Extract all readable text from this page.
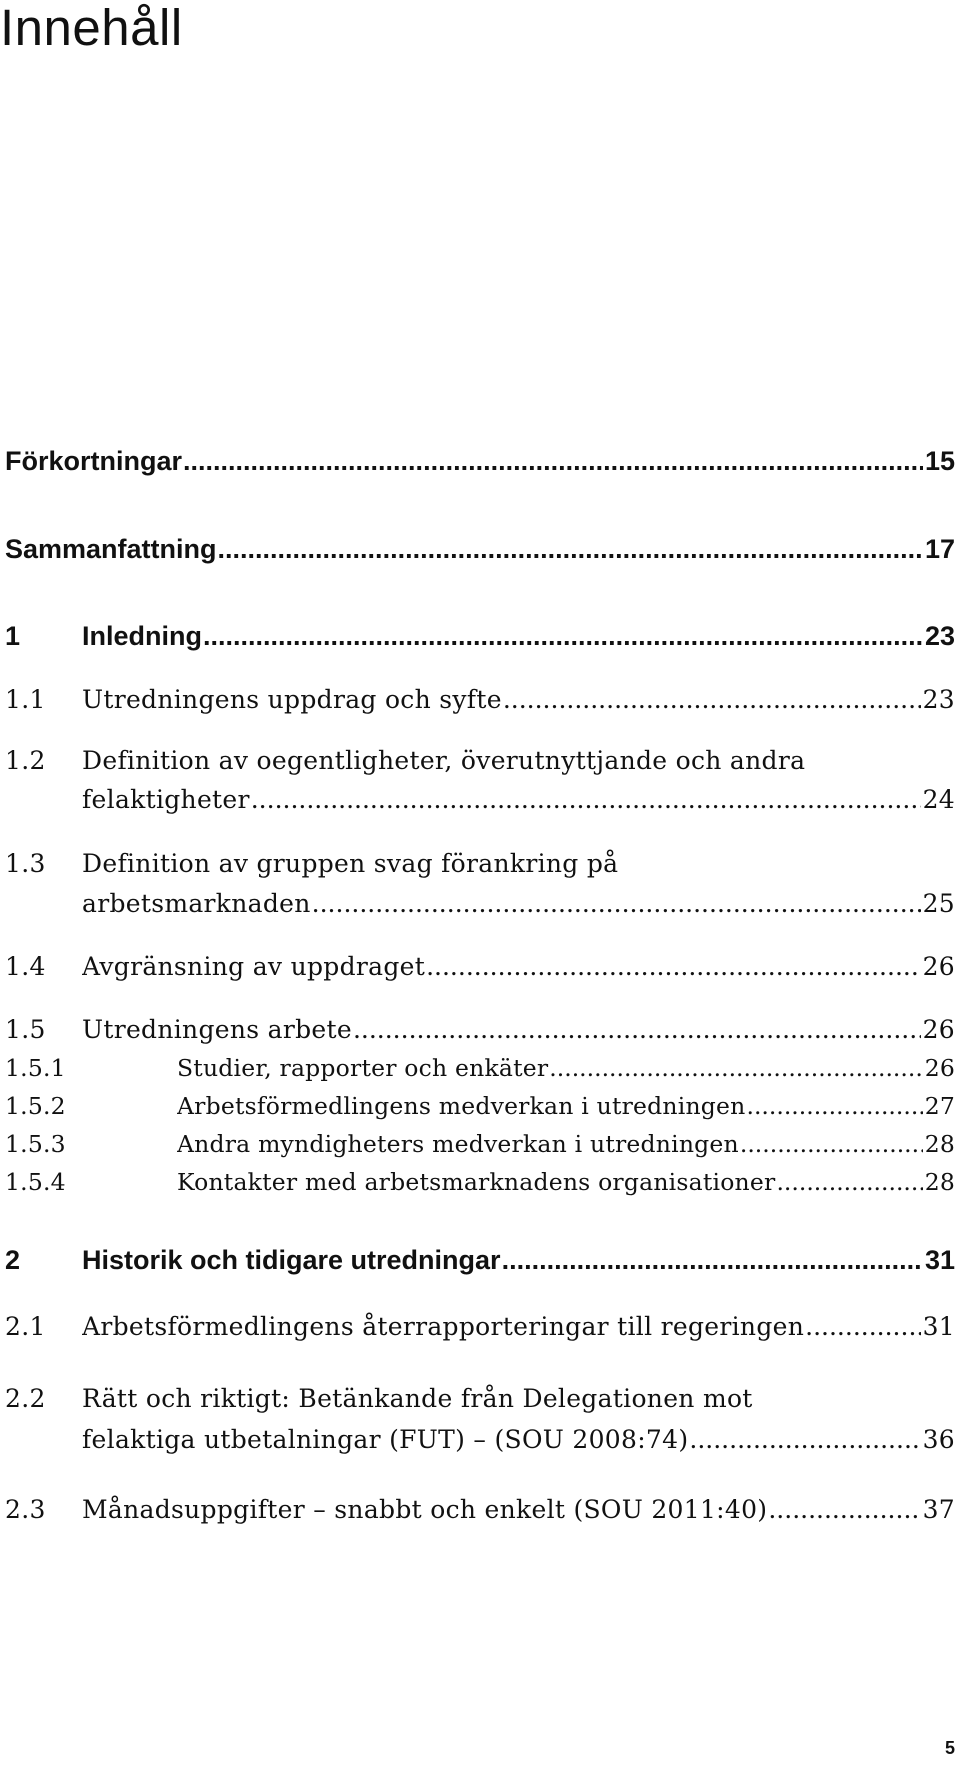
Innehåll
Förkortningar .....	15
Sammanfattning .....	17
1 Inledning .....	23
1.1 Utredningens uppdrag och syfte .....	23
1.2 Definition av oegentligheter, överutnyttjande och andra
felaktigheter .....	24
1.3 Definition av gruppen svag förankring på
arbetsmarknaden .....	25
1.4 Avgränsning av uppdraget .....	26
1.5 Utredningens arbete .....	26
1.5.1	Studier, rapporter och enkäter .....	26
1.5.2	Arbetsförmedlingens medverkan i utredningen .....	27
1.5.3	Andra myndigheters medverkan i utredningen .....	28
1.5.4	Kontakter med arbetsmarknadens organisationer .....	28
2 Historik och tidigare utredningar .....	31
2.1 Arbetsförmedlingens återrapporteringar till regeringen .....	31
2.2 Rätt och riktigt: Betänkande från Delegationen mot
felaktiga utbetalningar (FUT) – (SOU 2008:74) .....	36
2.3 Månadsuppgifter – snabbt och enkelt (SOU 2011:40) .....	37
5
